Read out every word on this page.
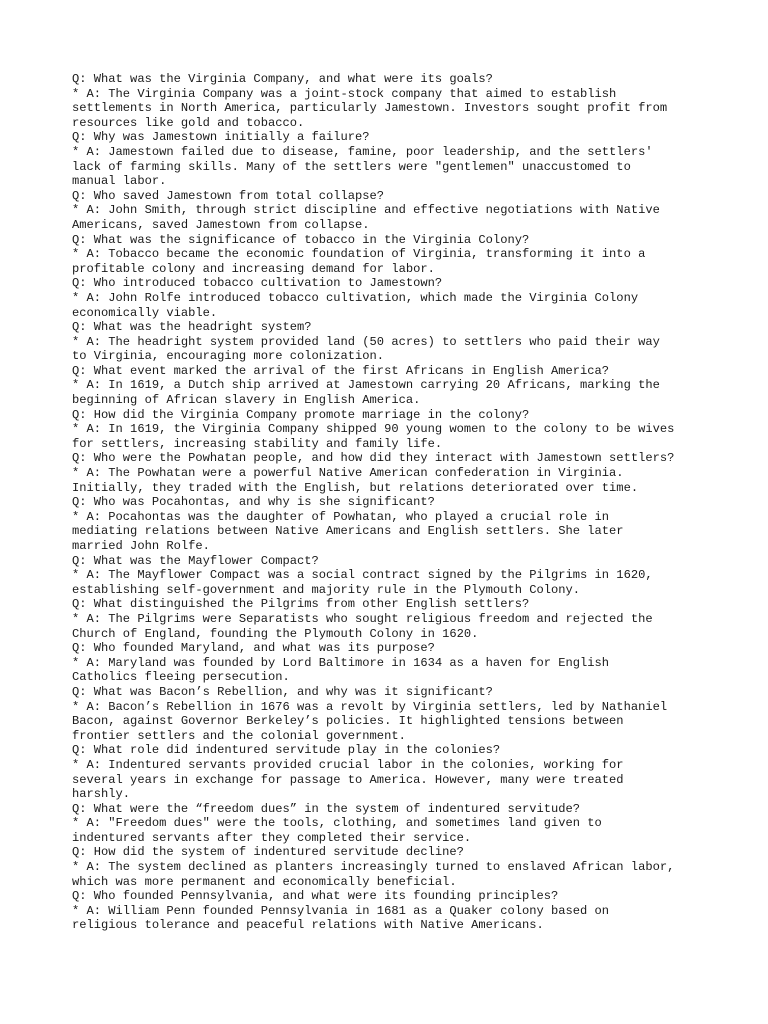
Q: What was the Virginia Company, and what were its goals?
* A: The Virginia Company was a joint-stock company that aimed to establish
settlements in North America, particularly Jamestown. Investors sought profit from
resources like gold and tobacco.
Q: Why was Jamestown initially a failure?
* A: Jamestown failed due to disease, famine, poor leadership, and the settlers'
lack of farming skills. Many of the settlers were "gentlemen" unaccustomed to
manual labor.
Q: Who saved Jamestown from total collapse?
* A: John Smith, through strict discipline and effective negotiations with Native
Americans, saved Jamestown from collapse.
Q: What was the significance of tobacco in the Virginia Colony?
* A: Tobacco became the economic foundation of Virginia, transforming it into a
profitable colony and increasing demand for labor.
Q: Who introduced tobacco cultivation to Jamestown?
* A: John Rolfe introduced tobacco cultivation, which made the Virginia Colony
economically viable.
Q: What was the headright system?
* A: The headright system provided land (50 acres) to settlers who paid their way
to Virginia, encouraging more colonization.
Q: What event marked the arrival of the first Africans in English America?
* A: In 1619, a Dutch ship arrived at Jamestown carrying 20 Africans, marking the
beginning of African slavery in English America.
Q: How did the Virginia Company promote marriage in the colony?
* A: In 1619, the Virginia Company shipped 90 young women to the colony to be wives
for settlers, increasing stability and family life.
Q: Who were the Powhatan people, and how did they interact with Jamestown settlers?
* A: The Powhatan were a powerful Native American confederation in Virginia.
Initially, they traded with the English, but relations deteriorated over time.
Q: Who was Pocahontas, and why is she significant?
* A: Pocahontas was the daughter of Powhatan, who played a crucial role in
mediating relations between Native Americans and English settlers. She later
married John Rolfe.
Q: What was the Mayflower Compact?
* A: The Mayflower Compact was a social contract signed by the Pilgrims in 1620,
establishing self-government and majority rule in the Plymouth Colony.
Q: What distinguished the Pilgrims from other English settlers?
* A: The Pilgrims were Separatists who sought religious freedom and rejected the
Church of England, founding the Plymouth Colony in 1620.
Q: Who founded Maryland, and what was its purpose?
* A: Maryland was founded by Lord Baltimore in 1634 as a haven for English
Catholics fleeing persecution.
Q: What was Bacon’s Rebellion, and why was it significant?
* A: Bacon’s Rebellion in 1676 was a revolt by Virginia settlers, led by Nathaniel
Bacon, against Governor Berkeley’s policies. It highlighted tensions between
frontier settlers and the colonial government.
Q: What role did indentured servitude play in the colonies?
* A: Indentured servants provided crucial labor in the colonies, working for
several years in exchange for passage to America. However, many were treated
harshly.
Q: What were the “freedom dues” in the system of indentured servitude?
* A: "Freedom dues" were the tools, clothing, and sometimes land given to
indentured servants after they completed their service.
Q: How did the system of indentured servitude decline?
* A: The system declined as planters increasingly turned to enslaved African labor,
which was more permanent and economically beneficial.
Q: Who founded Pennsylvania, and what were its founding principles?
* A: William Penn founded Pennsylvania in 1681 as a Quaker colony based on
religious tolerance and peaceful relations with Native Americans.
